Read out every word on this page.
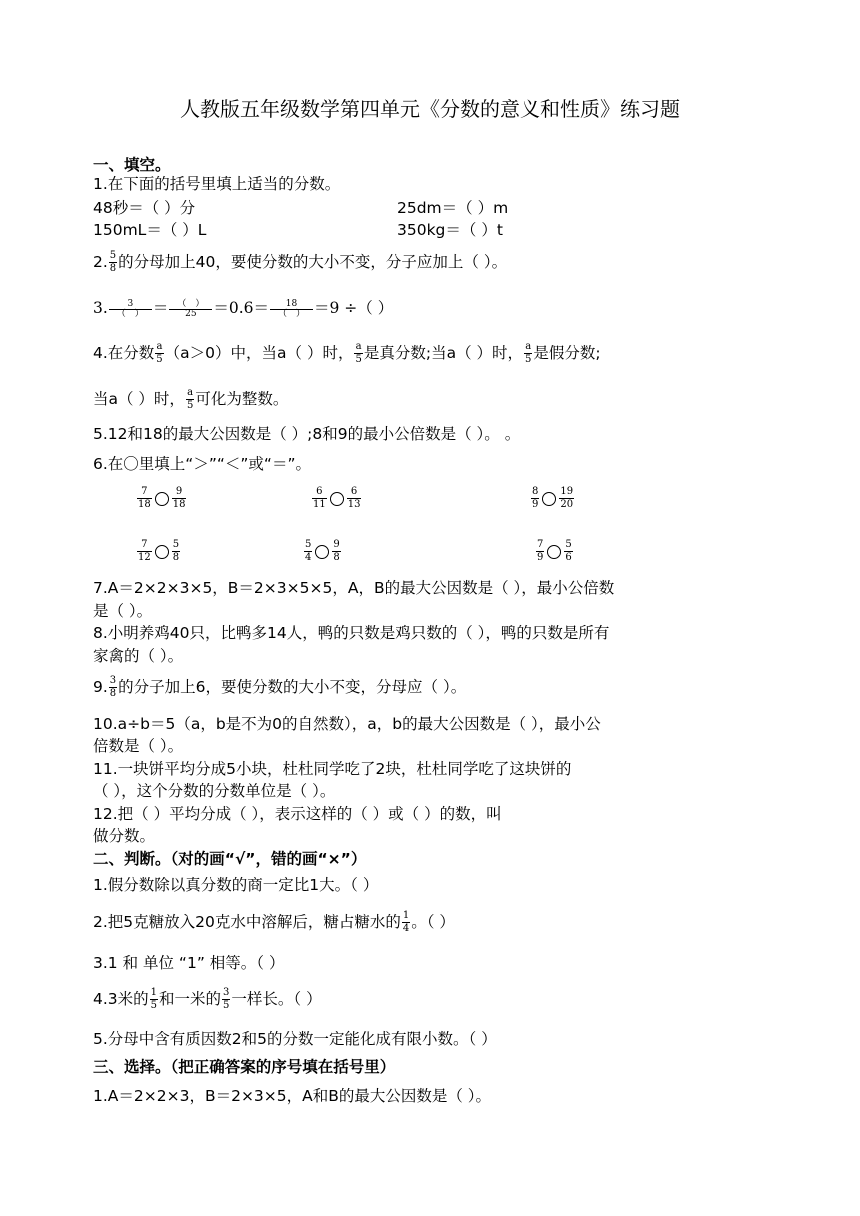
人教版五年级数学第四单元《分数的意义和性质》练习题
一、填空。
1.在下面的括号里填上适当的分数。
48秒＝（ ）分	25dm＝（ ）m
150mL＝（ ）L	350kg＝（ ）t
2. $\frac{5}{8}$ 的分母加上40，要使分数的大小不变，分子应加上（ ）。
3.	3
（　） ＝	（　）
25	＝0.6＝	18
（　） ＝9 ÷（ ）
4.在分数 $\frac{a}{5} (a>0)$中，当a（ ）时， $\frac{a}{5}$ 是真分数;当a（ ）时， $\frac{a}{5}$ 是假分数;
当a（ ）时， $\frac{a}{5}$ 可化为整数。
5.12和18的最大公因数是（ ）;8和9的最小公倍数是（ ）。 。
6.在〇里填上“＞”“＜”或“＝”。
$\frac{7}{18} \frac{9}{18}$	$\frac{6}{11} \frac{6}{13}$	$\frac{8}{9} \frac{19}{20}$
$\frac{7}{12} \frac{5}{8}$	$\frac{5}{4} \frac{9}{8}$	$\frac{7}{9} \frac{5}{6}$
7.A＝2×2×3×5，B＝2×3×5×5，A，B的最大公因数是（ ），最小公倍数
是（ ）。
8.小明养鸡40只，比鸭多14人，鸭的只数是鸡只数的（ ），鸭的只数是所有
家禽的（ ）。
9. $\frac{3}{8}$ 的分子加上6，要使分数的大小不变，分母应（ ）。
10.a÷b＝5（a，b是不为0的自然数），a，b的最大公因数是（ ），最小公
倍数是（ ）。
11.一块饼平均分成5小块，杜杜同学吃了2块，杜杜同学吃了这块饼的
（ ），这个分数的分数单位是（ ）。
12.把（ ）平均分成（ ），表示这样的（ ）或（ ）的数，叫
做分数。
二、判断。（对的画“√”，错的画“×”）
1.假分数除以真分数的商一定比1大。（ ）
2.把5克糖放入20克水中溶解后，糖占糖水的 $\frac{1}{4}$ 。（ ）
3.1 和 单位 “1” 相等。（ ）
4.3米的 $\frac{1}{5}$ 和一米的 $\frac{3}{5}$ 一样长。（ ）
5.分母中含有质因数2和5的分数一定能化成有限小数。（ ）
三、选择。（把正确答案的序号填在括号里）
1.A＝2×2×3，B＝2×3×5，A和B的最大公因数是（ ）。
